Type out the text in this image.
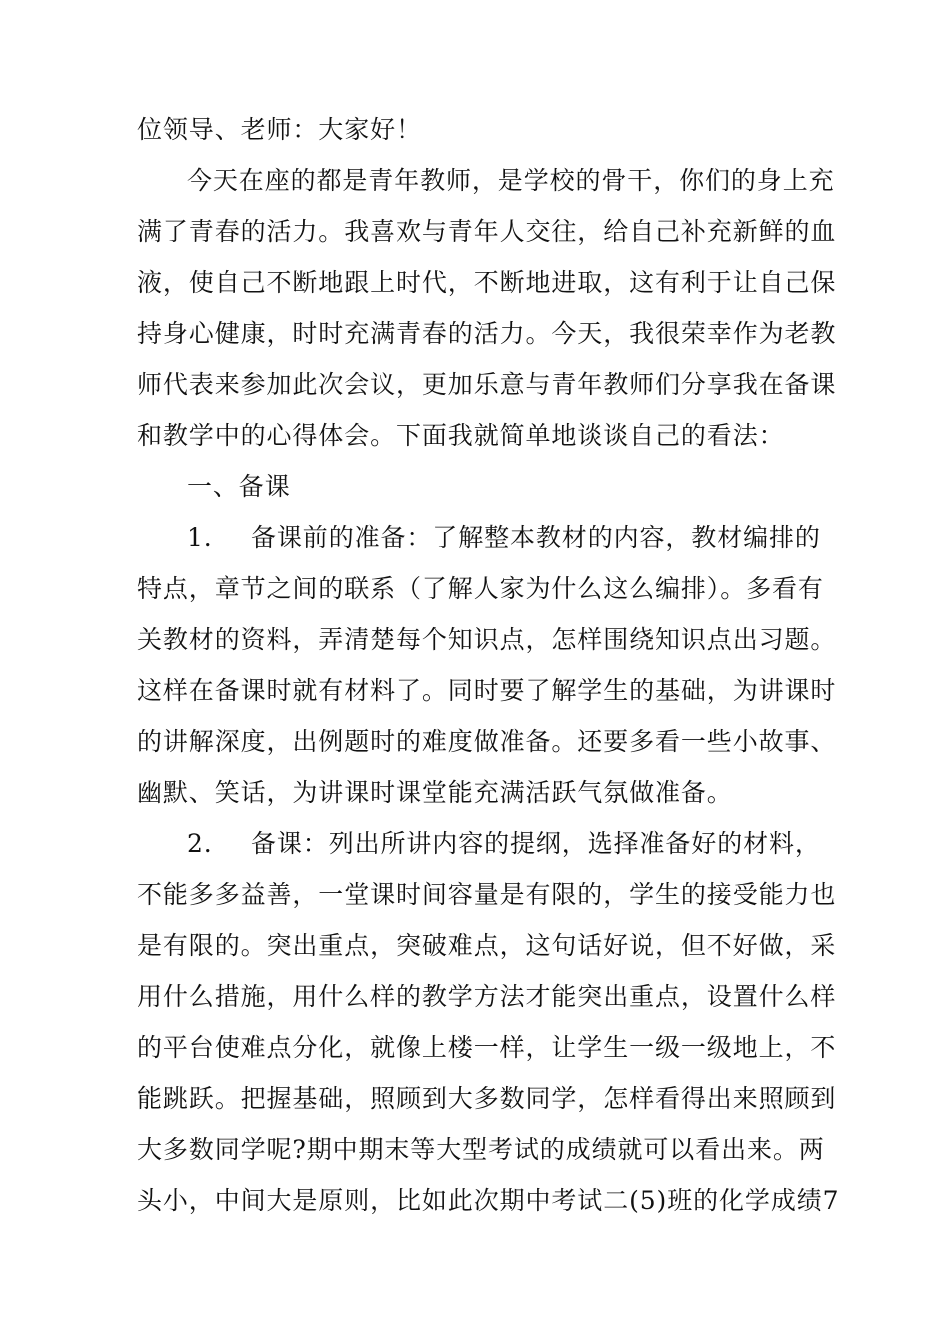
位领导、老师：大家好！
今天在座的都是青年教师，是学校的骨干，你们的身上充
满了青春的活力。我喜欢与青年人交往，给自己补充新鲜的血
液，使自己不断地跟上时代，不断地进取，这有利于让自己保
持身心健康，时时充满青春的活力。今天，我很荣幸作为老教
师代表来参加此次会议，更加乐意与青年教师们分享我在备课
和教学中的心得体会。下面我就简单地谈谈自己的看法：
一、备课
1. 备课前的准备：了解整本教材的内容，教材编排的
特点，章节之间的联系（了解人家为什么这么编排）。多看有
关教材的资料，弄清楚每个知识点，怎样围绕知识点出习题。
这样在备课时就有材料了。同时要了解学生的基础，为讲课时
的讲解深度，出例题时的难度做准备。还要多看一些小故事、
幽默、笑话，为讲课时课堂能充满活跃气氛做准备。
2. 备课：列出所讲内容的提纲，选择准备好的材料，
不能多多益善，一堂课时间容量是有限的，学生的接受能力也
是有限的。突出重点，突破难点，这句话好说，但不好做，采
用什么措施，用什么样的教学方法才能突出重点，设置什么样
的平台使难点分化，就像上楼一样，让学生一级一级地上，不
能跳跃。把握基础，照顾到大多数同学，怎样看得出来照顾到
大多数同学呢?期中期末等大型考试的成绩就可以看出来。两
头小，中间大是原则，比如此次期中考试二(5)班的化学成绩7
